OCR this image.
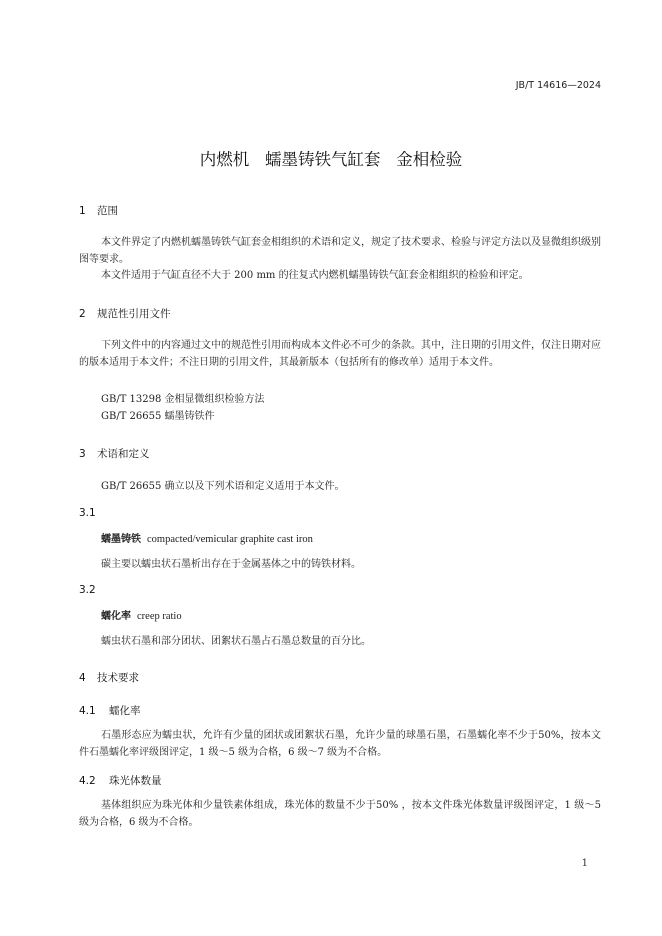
JB/T 14616—2024
内燃机 蠕墨铸铁气缸套 金相检验
1 范围
本文件界定了内燃机蠕墨铸铁气缸套金相组织的术语和定义，规定了技术要求、检验与评定方法以及显微组织级别图等要求。
本文件适用于气缸直径不大于 200 mm 的往复式内燃机蠕墨铸铁气缸套金相组织的检验和评定。
2 规范性引用文件
下列文件中的内容通过文中的规范性引用而构成本文件必不可少的条款。其中，注日期的引用文件，仅注日期对应的版本适用于本文件；不注日期的引用文件，其最新版本（包括所有的修改单）适用于本文件。
GB/T 13298 金相显微组织检验方法
GB/T 26655 蠕墨铸铁件
3 术语和定义
GB/T 26655 确立以及下列术语和定义适用于本文件。
3.1
蠕墨铸铁 compacted/vemicular graphite cast iron
碳主要以蠕虫状石墨析出存在于金属基体之中的铸铁材料。
3.2
蠕化率 creep ratio
蠕虫状石墨和部分团状、团絮状石墨占石墨总数量的百分比。
4 技术要求
4.1 蠕化率
石墨形态应为蠕虫状，允许有少量的团状或团絮状石墨，允许少量的球墨石墨，石墨蠕化率不少于50%，按本文件石墨蠕化率评级图评定，1 级～5 级为合格，6 级～7 级为不合格。
4.2 珠光体数量
基体组织应为珠光体和少量铁素体组成，珠光体的数量不少于50% ，按本文件珠光体数量评级图评定，1 级～5 级为合格，6 级为不合格。
1
